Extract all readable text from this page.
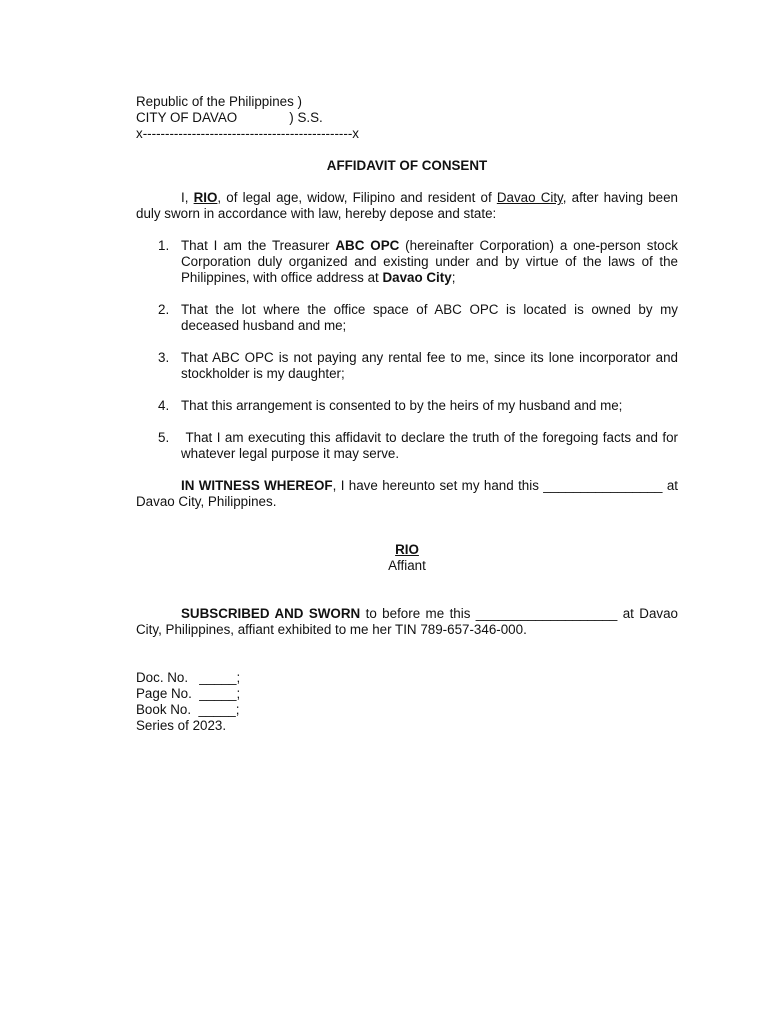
Republic of the Philippines )
CITY OF DAVAO              ) S.S.
x-----------------------------------------------x
AFFIDAVIT OF CONSENT

I, RIO, of legal age, widow, Filipino and resident of Davao City, after having been duly sworn in accordance with law, hereby depose and state:

1. That I am the Treasurer ABC OPC (hereinafter Corporation) a one-person stock Corporation duly organized and existing under and by virtue of the laws of the Philippines, with office address at Davao City;
2. That the lot where the office space of ABC OPC is located is owned by my deceased husband and me;
3. That ABC OPC is not paying any rental fee to me, since its lone incorporator and stockholder is my daughter;
4. That this arrangement is consented to by the heirs of my husband and me;
5. That I am executing this affidavit to declare the truth of the foregoing facts and for whatever legal purpose it may serve.

IN WITNESS WHEREOF, I have hereunto set my hand this ________________ at Davao City, Philippines.

RIO
Affiant

SUBSCRIBED AND SWORN to before me this ___________________ at Davao City, Philippines, affiant exhibited to me her TIN 789-657-346-000.

Doc. No.   _____;
Page No.  _____;
Book No.  _____;
Series of 2023.
